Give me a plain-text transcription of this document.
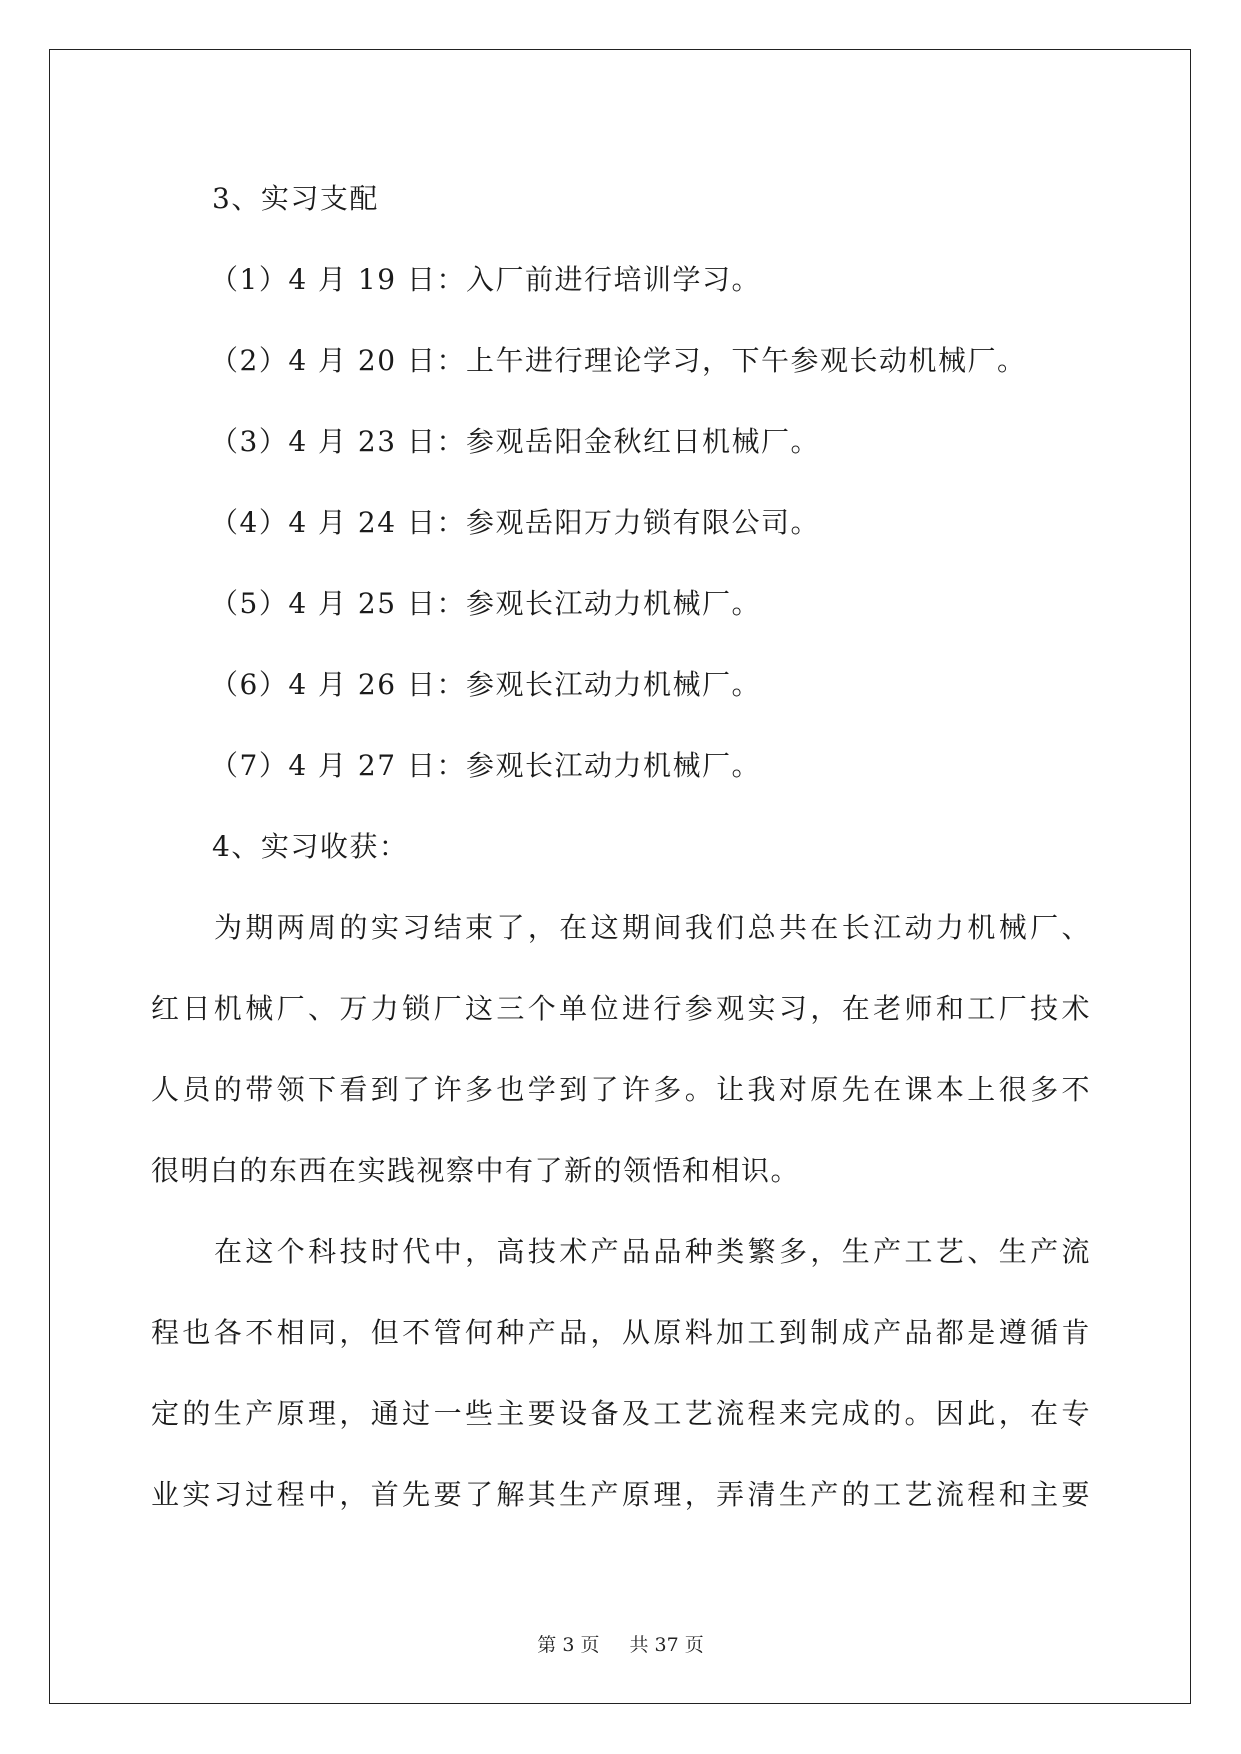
3、实习支配
（1）4 月 19 日：入厂前进行培训学习。
（2）4 月 20 日：上午进行理论学习，下午参观长动机械厂。
（3）4 月 23 日：参观岳阳金秋红日机械厂。
（4）4 月 24 日：参观岳阳万力锁有限公司。
（5）4 月 25 日：参观长江动力机械厂。
（6）4 月 26 日：参观长江动力机械厂。
（7）4 月 27 日：参观长江动力机械厂。
4、实习收获：
为期两周的实习结束了，在这期间我们总共在长江动力机械厂、
红日机械厂、万力锁厂这三个单位进行参观实习，在老师和工厂技术
人员的带领下看到了许多也学到了许多。让我对原先在课本上很多不
很明白的东西在实践视察中有了新的领悟和相识。
在这个科技时代中，高技术产品品种类繁多，生产工艺、生产流
程也各不相同，但不管何种产品，从原料加工到制成产品都是遵循肯
定的生产原理，通过一些主要设备及工艺流程来完成的。因此，在专
业实习过程中，首先要了解其生产原理，弄清生产的工艺流程和主要
第 3 页 共 37 页
